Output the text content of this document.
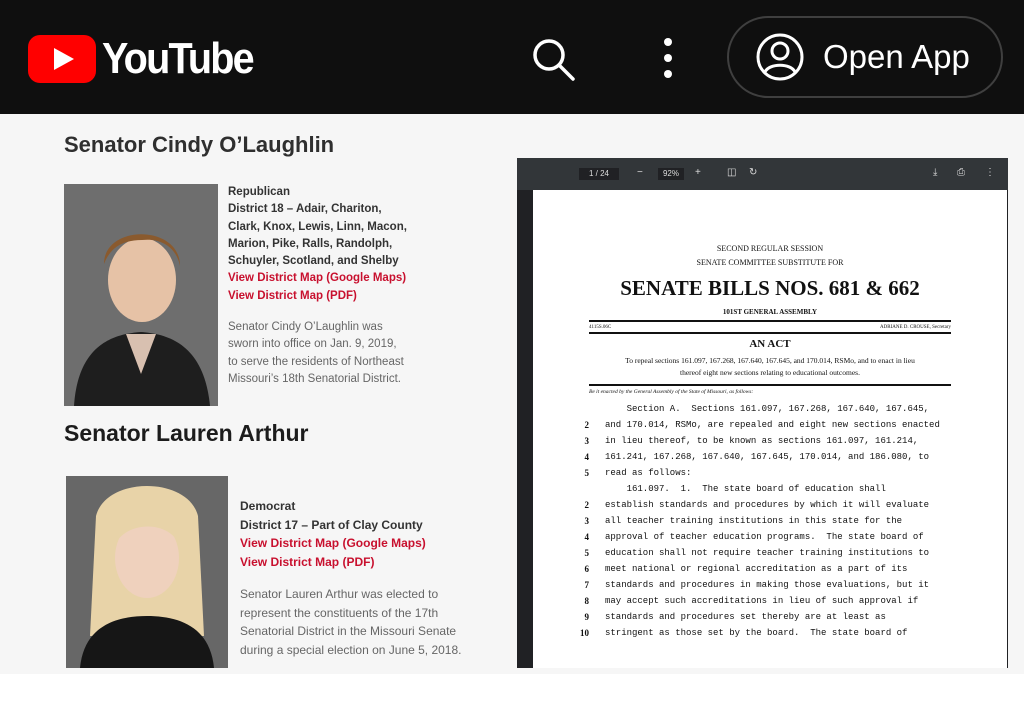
YouTube	Open App
Senator Cindy O’Laughlin
Republican
District 18 – Adair, Chariton,
Clark, Knox, Lewis, Linn, Macon,
Marion, Pike, Ralls, Randolph,
Schuyler, Scotland, and Shelby
View District Map (Google Maps)
View District Map (PDF)
Senator Cindy O’Laughlin was
sworn into office on Jan. 9, 2019,
to serve the residents of Northeast
Missouri’s 18th Senatorial District.
Senator Lauren Arthur
Democrat
District 17 – Part of Clay County
View District Map (Google Maps)
View District Map (PDF)
Senator Lauren Arthur was elected to
represent the constituents of the 17th
Senatorial District in the Missouri Senate
during a special election on June 5, 2018.
1 / 24	−	92%	+	◫ ↻	⤓ ⎙ ⋮
SECOND REGULAR SESSION
SENATE COMMITTEE SUBSTITUTE FOR
SENATE BILLS NOS. 681 & 662
101ST GENERAL ASSEMBLY
4115S.06C	ADRIANE D. CROUSE, Secretary
AN ACT
To repeal sections 161.097, 167.268, 167.640, 167.645, and 170.014, RSMo, and to enact in lieu
thereof eight new sections relating to educational outcomes.
Be it enacted by the General Assembly of the State of Missouri, as follows:
Section A.  Sections 161.097, 167.268, 167.640, 167.645,
2 and 170.014, RSMo, are repealed and eight new sections enacted
3 in lieu thereof, to be known as sections 161.097, 161.214,
4 161.241, 167.268, 167.640, 167.645, 170.014, and 186.080, to
5 read as follows:
161.097.  1.  The state board of education shall
2 establish standards and procedures by which it will evaluate
3 all teacher training institutions in this state for the
4 approval of teacher education programs.  The state board of
5 education shall not require teacher training institutions to
6 meet national or regional accreditation as a part of its
7 standards and procedures in making those evaluations, but it
8 may accept such accreditations in lieu of such approval if
9 standards and procedures set thereby are at least as
10 stringent as those set by the board.  The state board of
